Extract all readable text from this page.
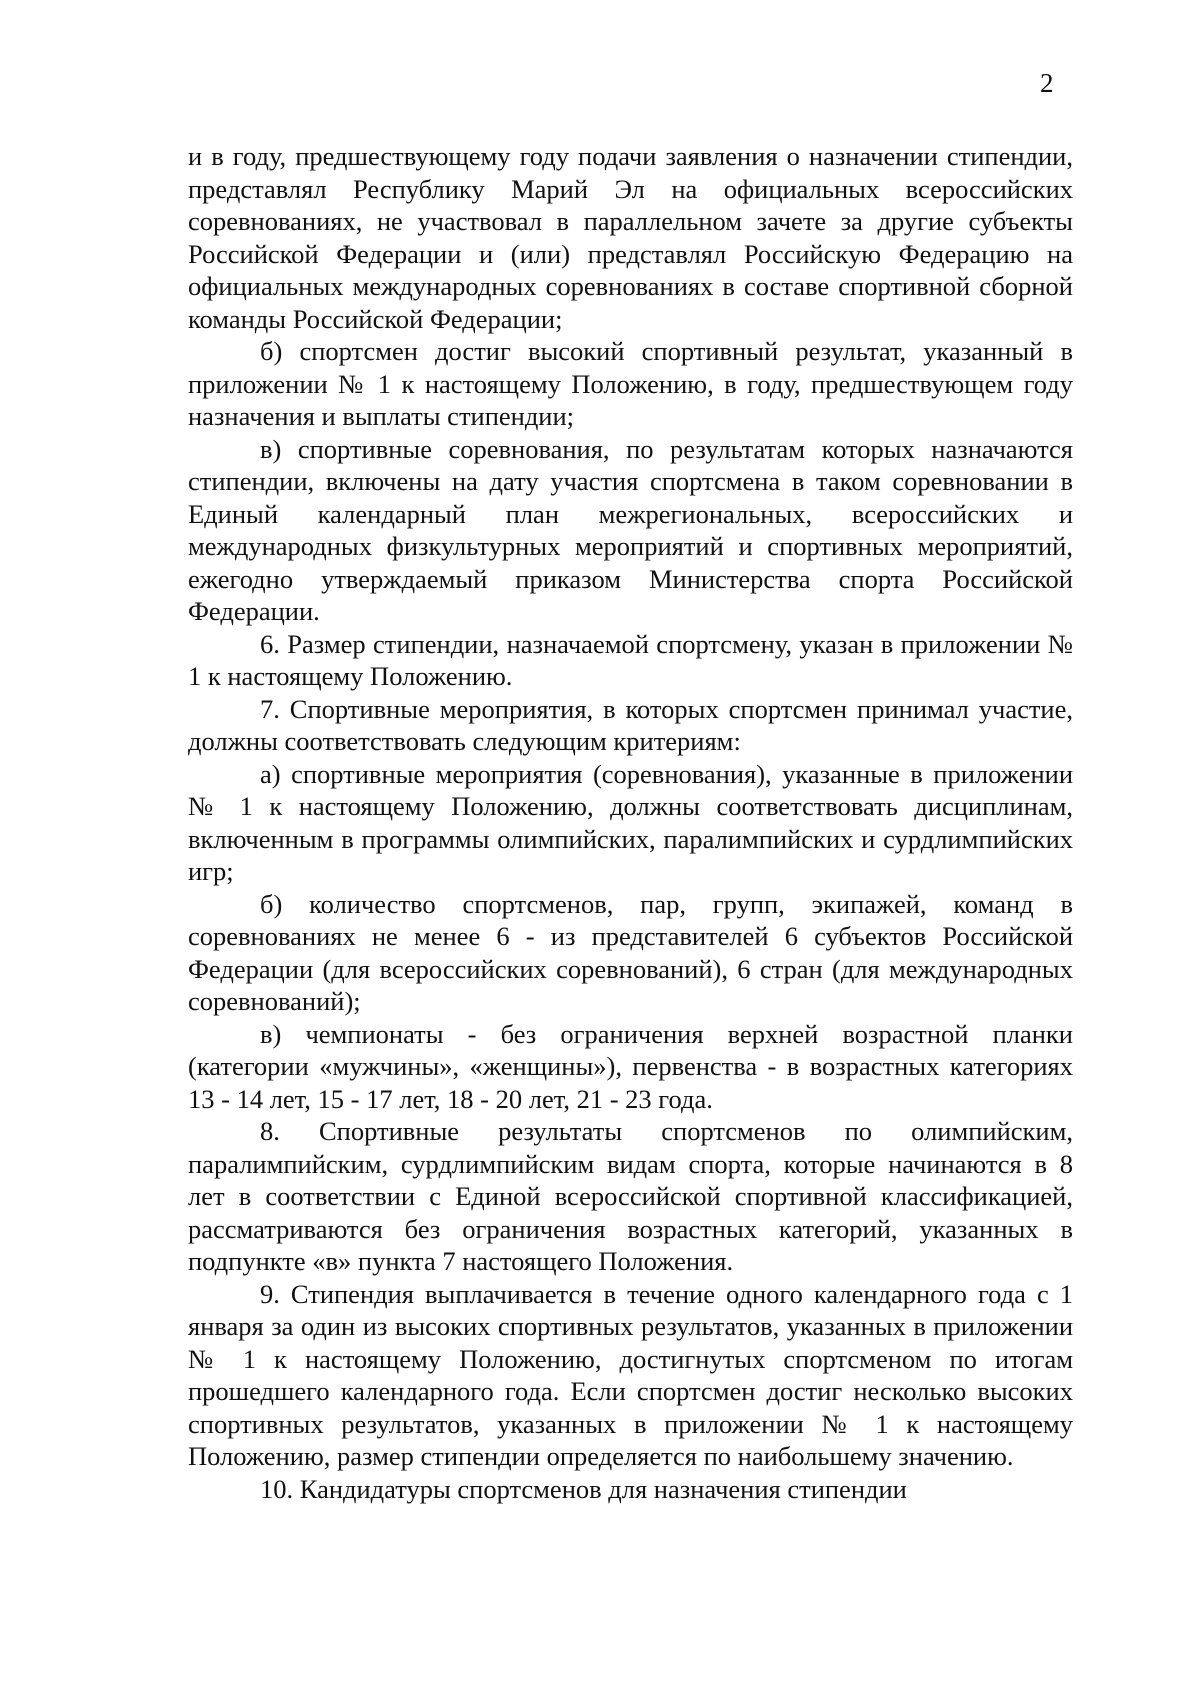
2

и в году, предшествующему году подачи заявления о назначении стипендии, представлял Республику Марий Эл на официальных всероссийских соревнованиях, не участвовал в параллельном зачете за другие субъекты Российской Федерации и (или) представлял Российскую Федерацию на официальных международных соревнованиях в составе спортивной сборной команды Российской Федерации;

б) спортсмен достиг высокий спортивный результат, указанный в приложении № 1 к настоящему Положению, в году, предшествующем году назначения и выплаты стипендии;

в) спортивные соревнования, по результатам которых назначаются стипендии, включены на дату участия спортсмена в таком соревновании в Единый календарный план межрегиональных, всероссийских и международных физкультурных мероприятий и спортивных мероприятий, ежегодно утверждаемый приказом Министерства спорта Российской Федерации.

6. Размер стипендии, назначаемой спортсмену, указан в приложении № 1 к настоящему Положению.

7. Спортивные мероприятия, в которых спортсмен принимал участие, должны соответствовать следующим критериям:

а) спортивные мероприятия (соревнования), указанные в приложении № 1 к настоящему Положению, должны соответствовать дисциплинам, включенным в программы олимпийских, паралимпийских и сурдлимпийских игр;

б) количество спортсменов, пар, групп, экипажей, команд в соревнованиях не менее 6 - из представителей 6 субъектов Российской Федерации (для всероссийских соревнований), 6 стран (для международных соревнований);

в) чемпионаты - без ограничения верхней возрастной планки (категории «мужчины», «женщины»), первенства - в возрастных категориях 13 - 14 лет, 15 - 17 лет, 18 - 20 лет, 21 - 23 года.

8. Спортивные результаты спортсменов по олимпийским, паралимпийским, сурдлимпийским видам спорта, которые начинаются в 8 лет в соответствии с Единой всероссийской спортивной классификацией, рассматриваются без ограничения возрастных категорий, указанных в подпункте «в» пункта 7 настоящего Положения.

9. Стипендия выплачивается в течение одного календарного года с 1 января за один из высоких спортивных результатов, указанных в приложении № 1 к настоящему Положению, достигнутых спортсменом по итогам прошедшего календарного года. Если спортсмен достиг несколько высоких спортивных результатов, указанных в приложении № 1 к настоящему Положению, размер стипендии определяется по наибольшему значению.

10. Кандидатуры спортсменов для назначения стипендии
